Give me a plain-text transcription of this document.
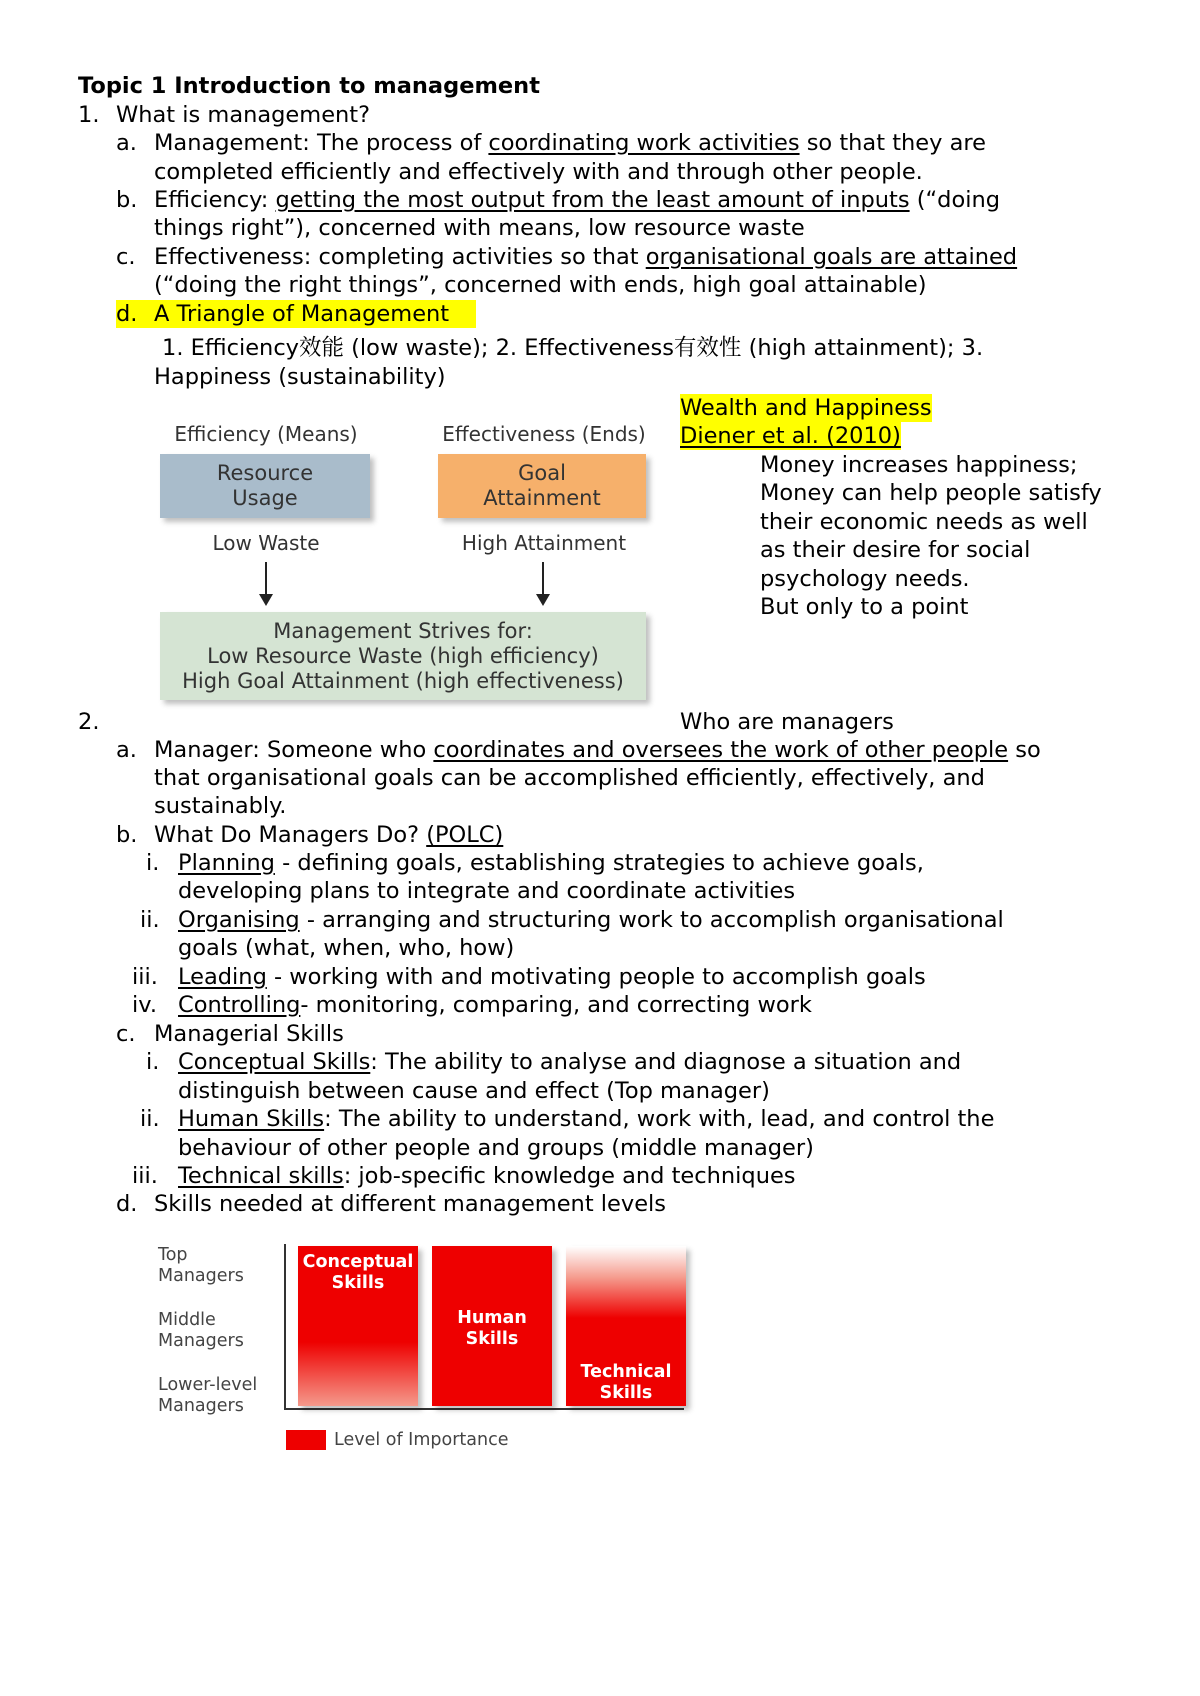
Topic 1 Introduction to management
1. What is management?
a. Management: The process of coordinating work activities so that they are
completed efficiently and effectively with and through other people.
b. Efficiency: getting the most output from the least amount of inputs (“doing
things right”), concerned with means, low resource waste
c. Effectiveness: completing activities so that organisational goals are attained
(“doing the right things”, concerned with ends, high goal attainable)
d. A Triangle of Management
1. Efficiency效能 (low waste); 2. Effectiveness有效性 (high attainment); 3.
Happiness (sustainability)
Efficiency (Means)	Effectiveness (Ends)
Resource
Usage
Goal
Attainment
Low Waste	High Attainment
Management Strives for:
Low Resource Waste (high efficiency)
High Goal Attainment (high effectiveness)
Wealth and Happiness
Diener et al. (2010)
Money increases happiness;
Money can help people satisfy
their economic needs as well
as their desire for social
psychology needs.
But only to a point
2.	Who are managers
a. Manager: Someone who coordinates and oversees the work of other people so
that organisational goals can be accomplished efficiently, effectively, and
sustainably.
b. What Do Managers Do? (POLC)
i. Planning - defining goals, establishing strategies to achieve goals,
developing plans to integrate and coordinate activities
ii. Organising - arranging and structuring work to accomplish organisational
goals (what, when, who, how)
iii. Leading - working with and motivating people to accomplish goals
iv. Controlling- monitoring, comparing, and correcting work
c. Managerial Skills
i. Conceptual Skills: The ability to analyse and diagnose a situation and
distinguish between cause and effect (Top manager)
ii. Human Skills: The ability to understand, work with, lead, and control the
behaviour of other people and groups (middle manager)
iii. Technical skills: job-specific knowledge and techniques
d. Skills needed at different management levels
Top
Managers
Middle
Managers
Lower-level
Managers
Conceptual
Skills
Human
Skills
Technical
Skills
Level of Importance
